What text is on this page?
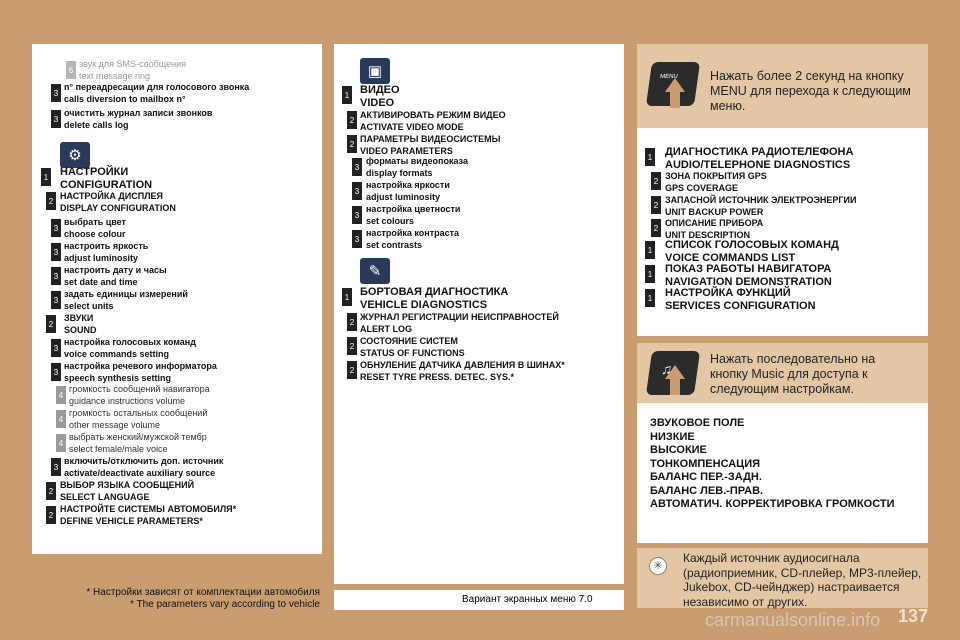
6
звук для SMS-сообщения
text message ring
3
n° переадресации для голосового звонка
calls diversion to mailbox n°
3
очистить журнал записи звонков
delete calls log
⚙
1 НАСТРОЙКИ
CONFIGURATION
2 НАСТРОЙКА ДИСПЛЕЯ
DISPLAY CONFIGURATION
3
выбрать цвет
choose colour
3
настроить яркость
adjust luminosity
3
настроить дату и часы
set date and time
3
задать единицы измерений
select units
2
ЗВУКИ
SOUND
3
настройка голосовых команд
voice commands setting
3
настройка речевого информатора
speech synthesis setting
4
громкость сообщений навигатора
guidance instructions volume
4
громкость остальных сообщений
other message volume
4
выбрать женский/мужской тембр
select female/male voice
3
включить/отключить доп. источник
activate/deactivate auxiliary source
2
ВЫБОР ЯЗЫКА СООБЩЕНИЙ
SELECT LANGUAGE
2
НАСТРОЙТЕ СИСТЕМЫ АВТОМОБИЛЯ*
DEFINE VEHICLE PARAMETERS*
▣
1 ВИДЕО
VIDEO
2 АКТИВИРОВАТЬ РЕЖИМ ВИДЕО
ACTIVATE VIDEO MODE
2 ПАРАМЕТРЫ ВИДЕОСИСТЕМЫ
VIDEO PARAMETERS
3
форматы видеопоказа
display formats
3
настройка яркости
adjust luminosity
3
настройка цветности
set colours
3
настройка контраста
set contrasts
✎
1 БОРТОВАЯ ДИАГНОСТИКА
VEHICLE DIAGNOSTICS
2 ЖУРНАЛ РЕГИСТРАЦИИ НЕИСПРАВНОСТЕЙ
ALERT LOG
2 СОСТОЯНИЕ СИСТЕМ
STATUS OF FUNCTIONS
2 ОБНУЛЕНИЕ ДАТЧИКА ДАВЛЕНИЯ В ШИНАХ*
RESET TYRE PRESS. DETEC. SYS.*
MENU	Нажать более 2 секунд на кнопку MENU для перехода к следующим меню.
1 ДИАГНОСТИКА РАДИОТЕЛЕФОНА
AUDIO/TELEPHONE DIAGNOSTICS
2 ЗОНА ПОКРЫТИЯ GPS
GPS COVERAGE
2 ЗАПАСНОЙ ИСТОЧНИК ЭЛЕКТРОЭНЕРГИИ
UNIT BACKUP POWER
2 ОПИСАНИЕ ПРИБОРА
UNIT DESCRIPTION
1 СПИСОК ГОЛОСОВЫХ КОМАНД
VOICE COMMANDS LIST
1 ПОКАЗ РАБОТЫ НАВИГАТОРА
NAVIGATION DEMONSTRATION
1 НАСТРОЙКА ФУНКЦИЙ
SERVICES CONFIGURATION
♫
Нажать последовательно на кнопку Music для доступа к следующим настройкам.
ЗВУКОВОЕ ПОЛЕ
НИЗКИЕ
ВЫСОКИЕ
ТОНКОМПЕНСАЦИЯ
БАЛАНС ПЕР.-ЗАДН.
БАЛАНС ЛЕВ.-ПРАВ.
АВТОМАТИЧ. КОРРЕКТИРОВКА ГРОМКОСТИ
* Настройки зависят от комплектации автомобиля
* The parameters vary according to vehicle	Вариант экранных меню 7.0
✳
Каждый источник аудиосигнала (радиоприемник, CD-плейер, MP3-плейер, Jukebox, CD-чейнджер) настраивается независимо от других.
137
carmanualsonline.info
